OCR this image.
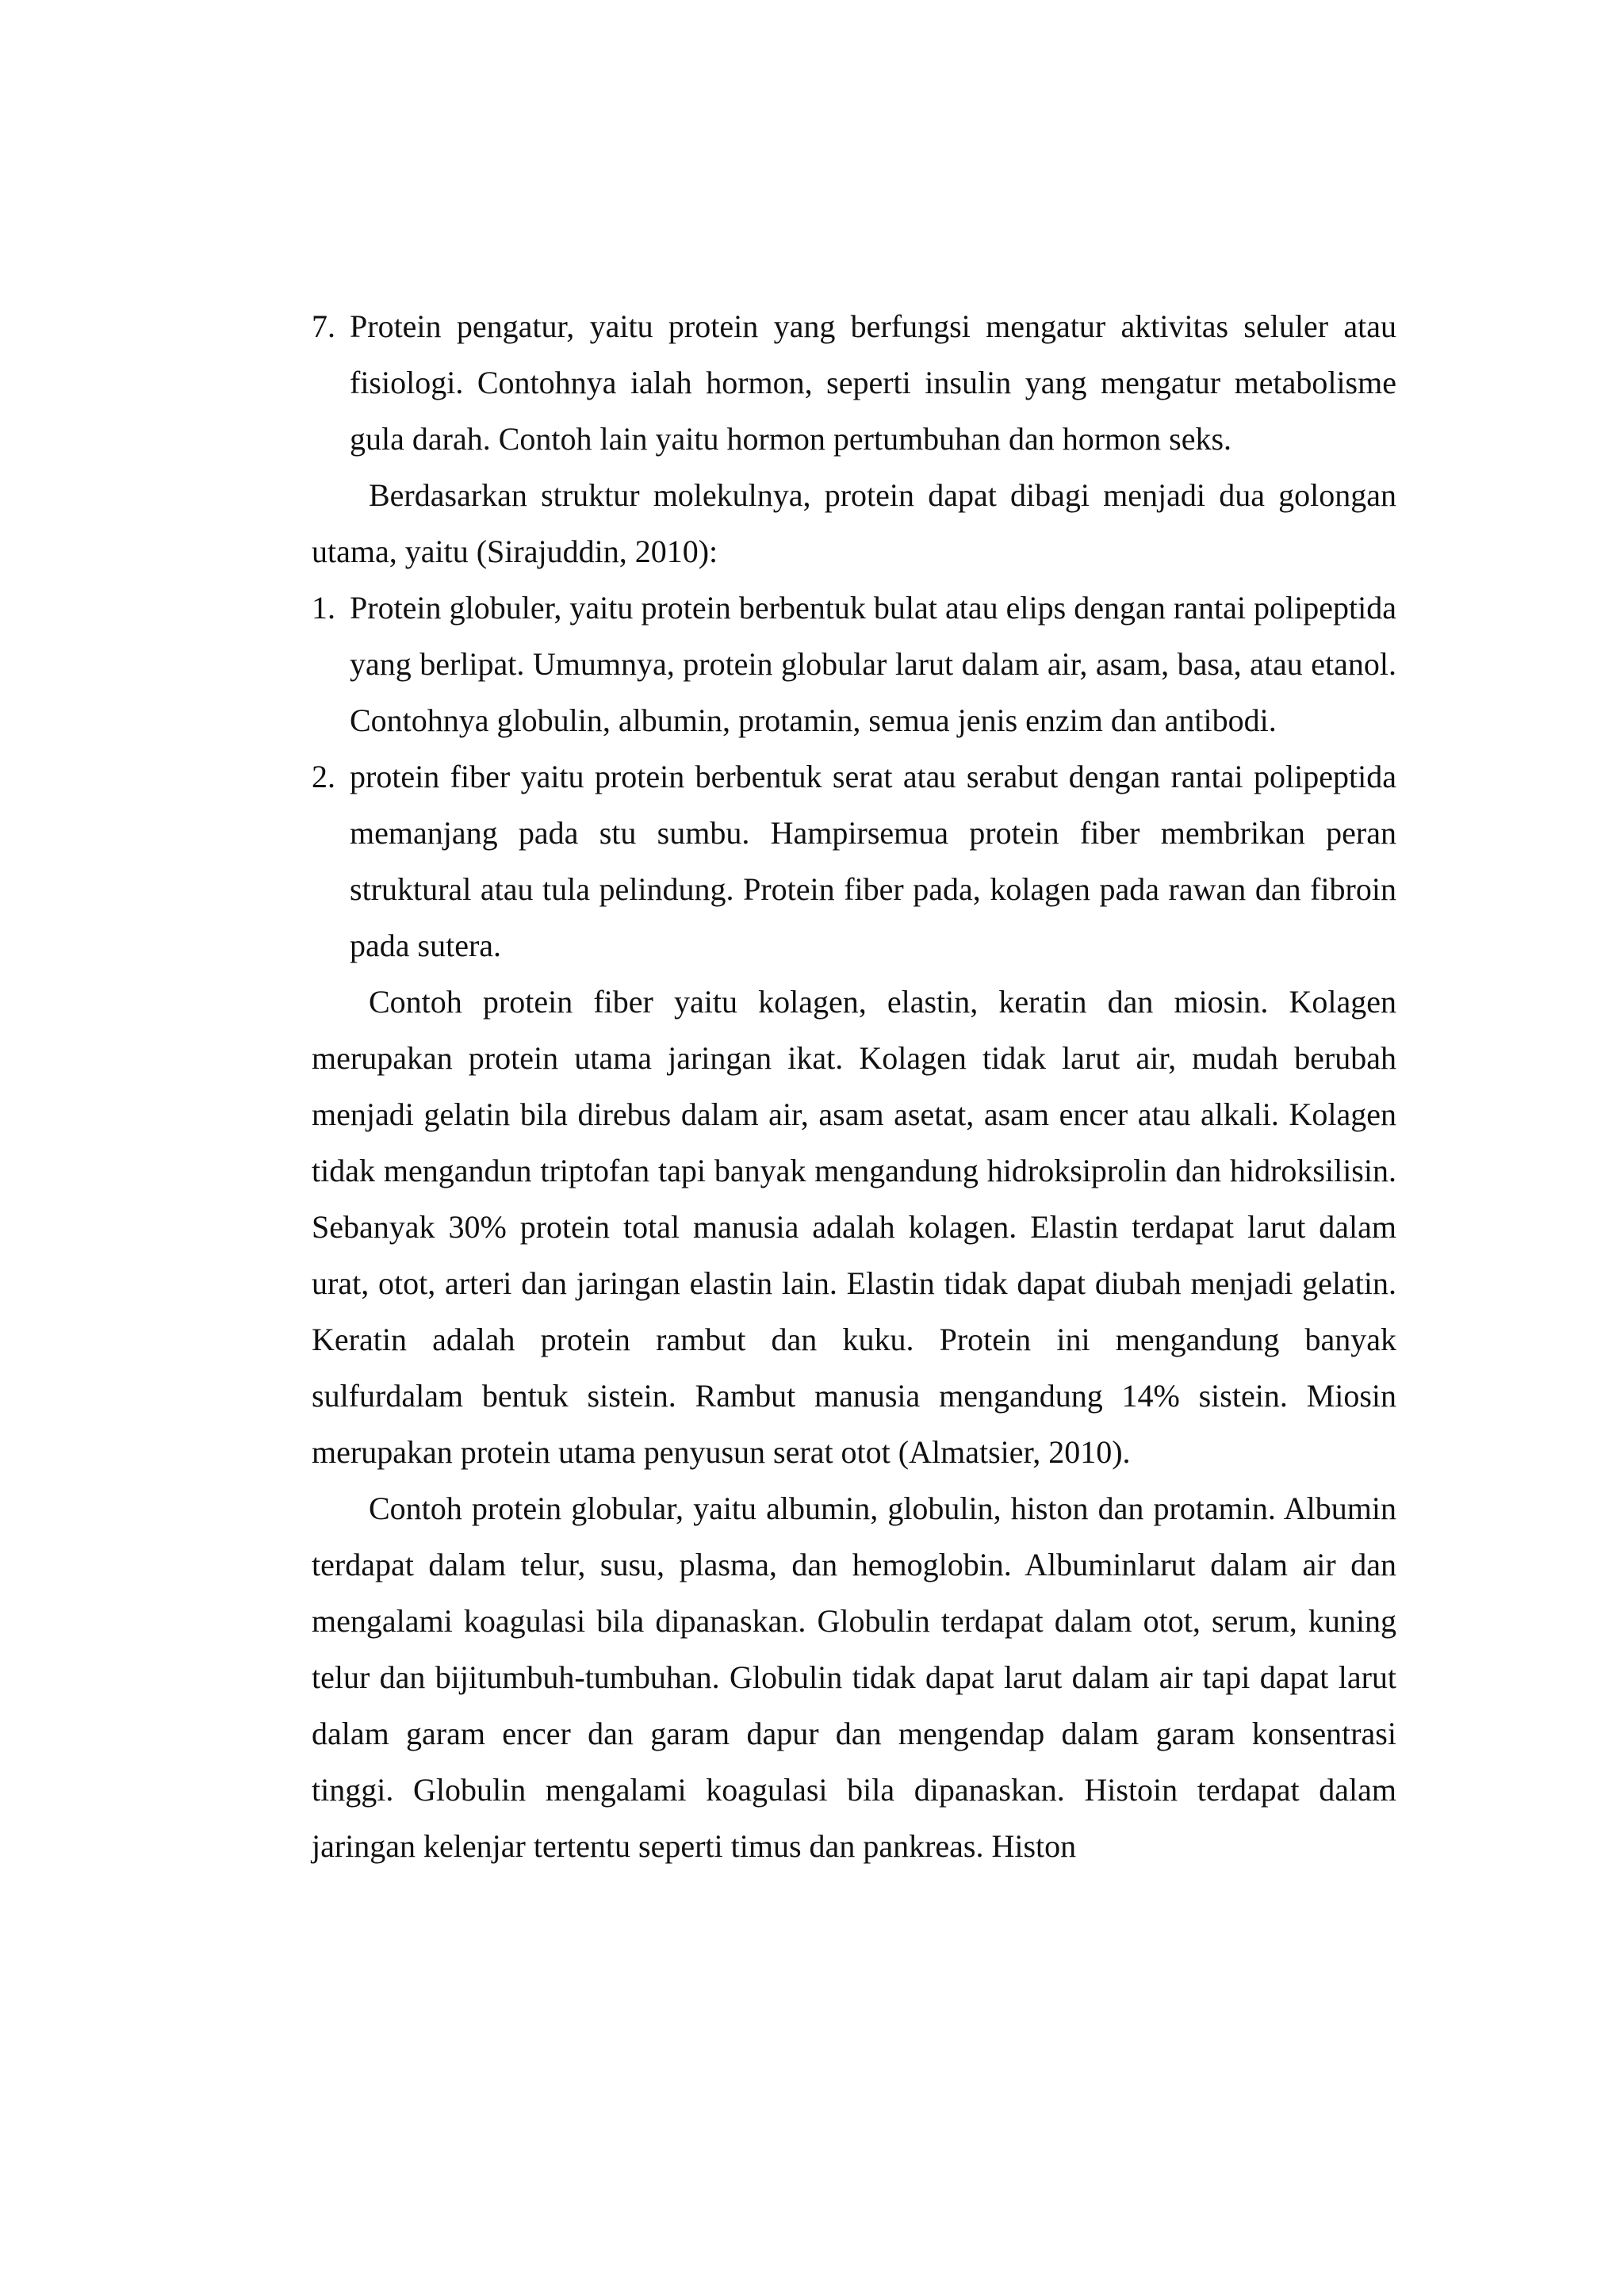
7. Protein pengatur, yaitu protein yang berfungsi mengatur aktivitas seluler atau fisiologi. Contohnya ialah hormon, seperti insulin yang mengatur metabolisme gula darah. Contoh lain yaitu hormon pertumbuhan dan hormon seks.

Berdasarkan struktur molekulnya, protein dapat dibagi menjadi dua golongan utama, yaitu (Sirajuddin, 2010):

1. Protein globuler, yaitu protein berbentuk bulat atau elips dengan rantai polipeptida yang berlipat. Umumnya, protein globular larut dalam air, asam, basa, atau etanol. Contohnya globulin, albumin, protamin, semua jenis enzim dan antibodi.
2. protein fiber yaitu protein berbentuk serat atau serabut dengan rantai polipeptida memanjang pada stu sumbu. Hampirsemua protein fiber membrikan peran struktural atau tula pelindung. Protein fiber pada, kolagen pada rawan dan fibroin pada sutera.

Contoh protein fiber yaitu kolagen, elastin, keratin dan miosin. Kolagen merupakan protein utama jaringan ikat. Kolagen tidak larut air, mudah berubah menjadi gelatin bila direbus dalam air, asam asetat, asam encer atau alkali. Kolagen tidak mengandun triptofan tapi banyak mengandung hidroksiprolin dan hidroksilisin. Sebanyak 30% protein total manusia adalah kolagen. Elastin terdapat larut dalam urat, otot, arteri dan jaringan elastin lain. Elastin tidak dapat diubah menjadi gelatin. Keratin adalah protein rambut dan kuku. Protein ini mengandung banyak sulfurdalam bentuk sistein. Rambut manusia mengandung 14% sistein. Miosin merupakan protein utama penyusun serat otot (Almatsier, 2010).

Contoh protein globular, yaitu albumin, globulin, histon dan protamin. Albumin terdapat dalam telur, susu, plasma, dan hemoglobin. Albuminlarut dalam air dan mengalami koagulasi bila dipanaskan. Globulin terdapat dalam otot, serum, kuning telur dan bijitumbuh-tumbuhan. Globulin tidak dapat larut dalam air tapi dapat larut dalam garam encer dan garam dapur dan mengendap dalam garam konsentrasi tinggi. Globulin mengalami koagulasi bila dipanaskan. Histoin terdapat dalam jaringan kelenjar tertentu seperti timus dan pankreas. Histon
